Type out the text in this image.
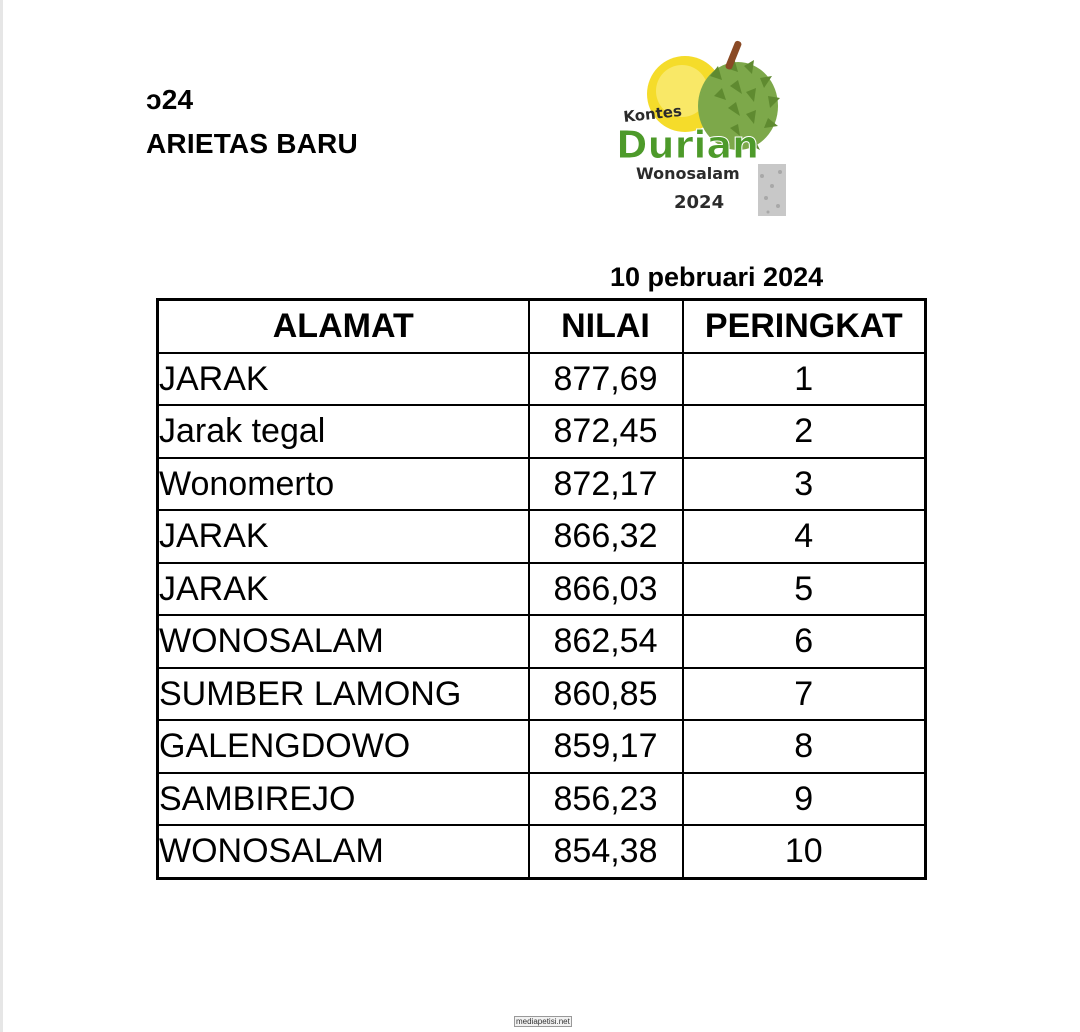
ɔ24
ARIETAS BARU
Kontes
Durian
Wonosalam
2024
10 pebruari 2024
ALAMAT	NILAI	PERINGKAT
JARAK	877,69	1
Jarak tegal	872,45	2
Wonomerto	872,17	3
JARAK	866,32	4
JARAK	866,03	5
WONOSALAM	862,54	6
SUMBER LAMONG	860,85	7
GALENGDOWO	859,17	8
SAMBIREJO	856,23	9
WONOSALAM	854,38	10
mediapetisi.net
